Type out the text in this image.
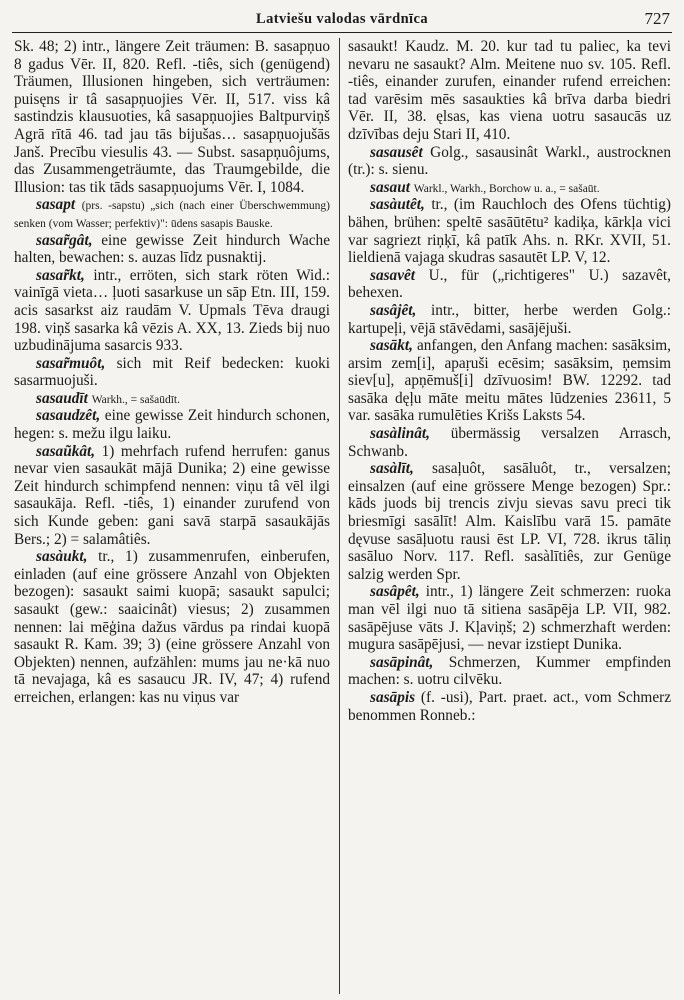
Latviešu valodas vārdnīca	727

Sk. 48; 2) intr., längere Zeit träumen: B. sasapņuo 8 gadus Vēr. II, 820. Refl. -tiês, sich (genügend) Träumen, Illusionen hingeben, sich verträumen: puisęns ir tâ sasapņuojies Vēr. II, 517. viss kâ sastindzis klausuoties, kâ sasapņuojies Baltpurviņš Agrā rītā 46. tad jau tās bijušas… sasapņuojušās Janš. Precību viesulis 43. — Subst. sasapņuôjums, das Zusammengeträumte, das Traumgebilde, die Illusion: tas tik tāds sasapņuojums Vēr. I, 1084.

sasapt (prs. -sapstu) „sich (nach einer Überschwemmung) senken (vom Wasser; perfektiv)": ūdens sasapis Bauske.

sasar̃gât, eine gewisse Zeit hindurch Wache halten, bewachen: s. auzas līdz pusnaktij.

sasar̃kt, intr., erröten, sich stark röten Wid.: vainīgā vieta… ļuoti sasarkuse un sāp Etn. III, 159. acis sasarkst aiz raudām V. Upmals Tēva draugi 198. viņš sasarka kâ vēzis A. XX, 13. Zieds bij nuo uzbudinājuma sasarcis 933.

sasar̃muôt, sich mit Reif bedecken: kuoki sasarmuojuši.

sasaudīt Warkh., = sašaūdīt.

sasaudzêt, eine gewisse Zeit hindurch schonen, hegen: s. mežu ilgu laiku.

sasaũkât, 1) mehrfach rufend herrufen: ganus nevar vien sasaukāt mājā Dunika; 2) eine gewisse Zeit hindurch schimpfend nennen: viņu tâ vēl ilgi sasaukāja. Refl. -tiês, 1) einander zurufend von sich Kunde geben: gani savā starpā sasaukājās Bers.; 2) = salamâtiês.

sasàukt, tr., 1) zusammenrufen, einberufen, einladen (auf eine grössere Anzahl von Objekten bezogen): sasaukt saimi kuopā; sasaukt sapulci; sasaukt (gew.: saaicinât) viesus; 2) zusammen nennen: lai mēģina dažus vārdus pa rindai kuopā sasaukt R. Kam. 39; 3) (eine grössere Anzahl von Objekten) nennen, aufzählen: mums jau ne·kā nuo tā nevajaga, kâ es sasaucu JR. IV, 47; 4) rufend erreichen, erlangen: kas nu viņus var

sasaukt! Kaudz. M. 20. kur tad tu paliec, ka tevi nevaru ne sasaukt? Alm. Meitene nuo sv. 105. Refl. -tiês, einander zurufen, einander rufend erreichen: tad varēsim mēs sasaukties kâ brīva darba biedri Vēr. II, 38. ęlsas, kas viena uotru sasaucās uz dzīvības deju Stari II, 410.

sasausêt Golg., sasausinât Warkl., austrocknen (tr.): s. sienu.

sasaut Warkl., Warkh., Borchow u. a., = sašaūt.

sasàutêt, tr., (im Rauchloch des Ofens tüchtig) bähen, brühen: speltē sasāūtētu² kadiķa, kārkļa vici var sagriezt riņķī, kâ patīk Ahs. n. RKr. XVII, 51. lieldienā vajaga skudras sasautēt LP. V, 12.

sasavêt U., für („richtigeres" U.) sazavêt, behexen.

sasâjêt, intr., bitter, herbe werden Golg.: kartupeļi, vējā stāvēdami, sasājējuši.

sasākt, anfangen, den Anfang machen: sasāksim, arsim zem[i], apaṛuši ecēsim; sasāksim, ņemsim siev[u], apņēmuš[i] dzīvuosim! BW. 12292. tad sasāka dęļu māte meitu mātes lūdzenies 23611, 5 var. sasāka rumulēties Krišs Laksts 54.

sasàlinât, übermässig versalzen Arrasch, Schwanb.

sasàlīt, sasaļuôt, sasāluôt, tr., versalzen; einsalzen (auf eine grössere Menge bezogen) Spr.: kāds juods bij trencis zivju sievas savu preci tik briesmīgi sasālīt! Alm. Kaislību varā 15. pamāte dęvuse sasāļuotu rausi ēst LP. VI, 728. ikrus tāliņ sasāluo Norv. 117. Refl. sasàlītiês, zur Genüge salzig werden Spr.

sasâpêt, intr., 1) längere Zeit schmerzen: ruoka man vēl ilgi nuo tā sitiena sasāpēja LP. VII, 982. sasāpējuse vāts J. Kļaviņš; 2) schmerzhaft werden: mugura sasāpējusi, — nevar izstiept Dunika.

sasāpinât, Schmerzen, Kummer empfinden machen: s. uotru cilvēku.

sasāpis (f. -usi), Part. praet. act., vom Schmerz benommen Ronneb.:
